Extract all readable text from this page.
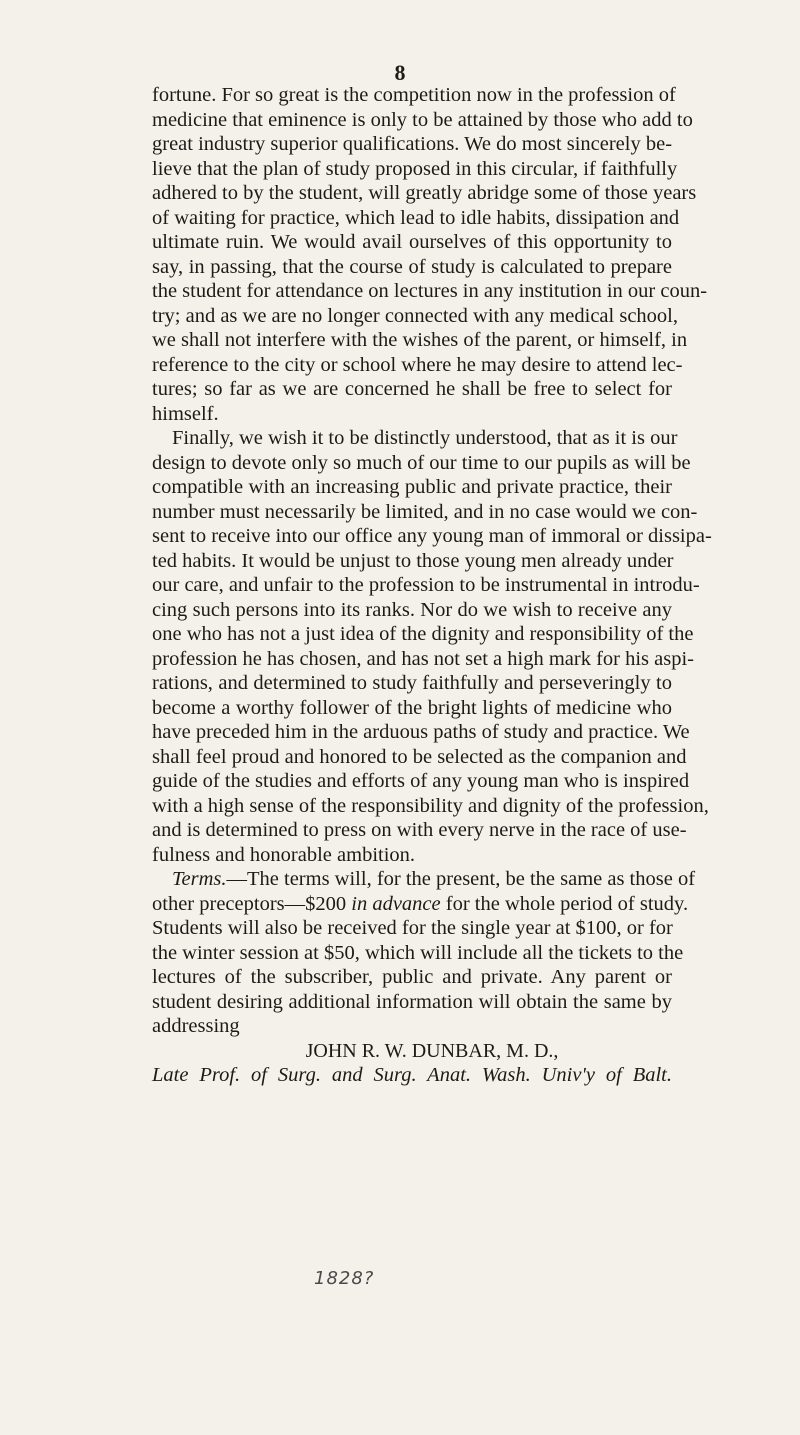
8
fortune. For so great is the competition now in the profession of
medicine that eminence is only to be attained by those who add to
great industry superior qualifications. We do most sincerely be-
lieve that the plan of study proposed in this circular, if faithfully
adhered to by the student, will greatly abridge some of those years
of waiting for practice, which lead to idle habits, dissipation and
ultimate ruin. We would avail ourselves of this opportunity to
say, in passing, that the course of study is calculated to prepare
the student for attendance on lectures in any institution in our coun-
try; and as we are no longer connected with any medical school,
we shall not interfere with the wishes of the parent, or himself, in
reference to the city or school where he may desire to attend lec-
tures; so far as we are concerned he shall be free to select for
himself.
Finally, we wish it to be distinctly understood, that as it is our
design to devote only so much of our time to our pupils as will be
compatible with an increasing public and private practice, their
number must necessarily be limited, and in no case would we con-
sent to receive into our office any young man of immoral or dissipa-
ted habits. It would be unjust to those young men already under
our care, and unfair to the profession to be instrumental in introdu-
cing such persons into its ranks. Nor do we wish to receive any
one who has not a just idea of the dignity and responsibility of the
profession he has chosen, and has not set a high mark for his aspi-
rations, and determined to study faithfully and perseveringly to
become a worthy follower of the bright lights of medicine who
have preceded him in the arduous paths of study and practice. We
shall feel proud and honored to be selected as the companion and
guide of the studies and efforts of any young man who is inspired
with a high sense of the responsibility and dignity of the profession,
and is determined to press on with every nerve in the race of use-
fulness and honorable ambition.
Terms.—The terms will, for the present, be the same as those of
other preceptors—$200 in advance for the whole period of study.
Students will also be received for the single year at $100, or for
the winter session at $50, which will include all the tickets to the
lectures of the subscriber, public and private. Any parent or
student desiring additional information will obtain the same by
addressing
JOHN R. W. DUNBAR, M. D.,
Late Prof. of Surg. and Surg. Anat. Wash. Univ'y of Balt.
1828?
